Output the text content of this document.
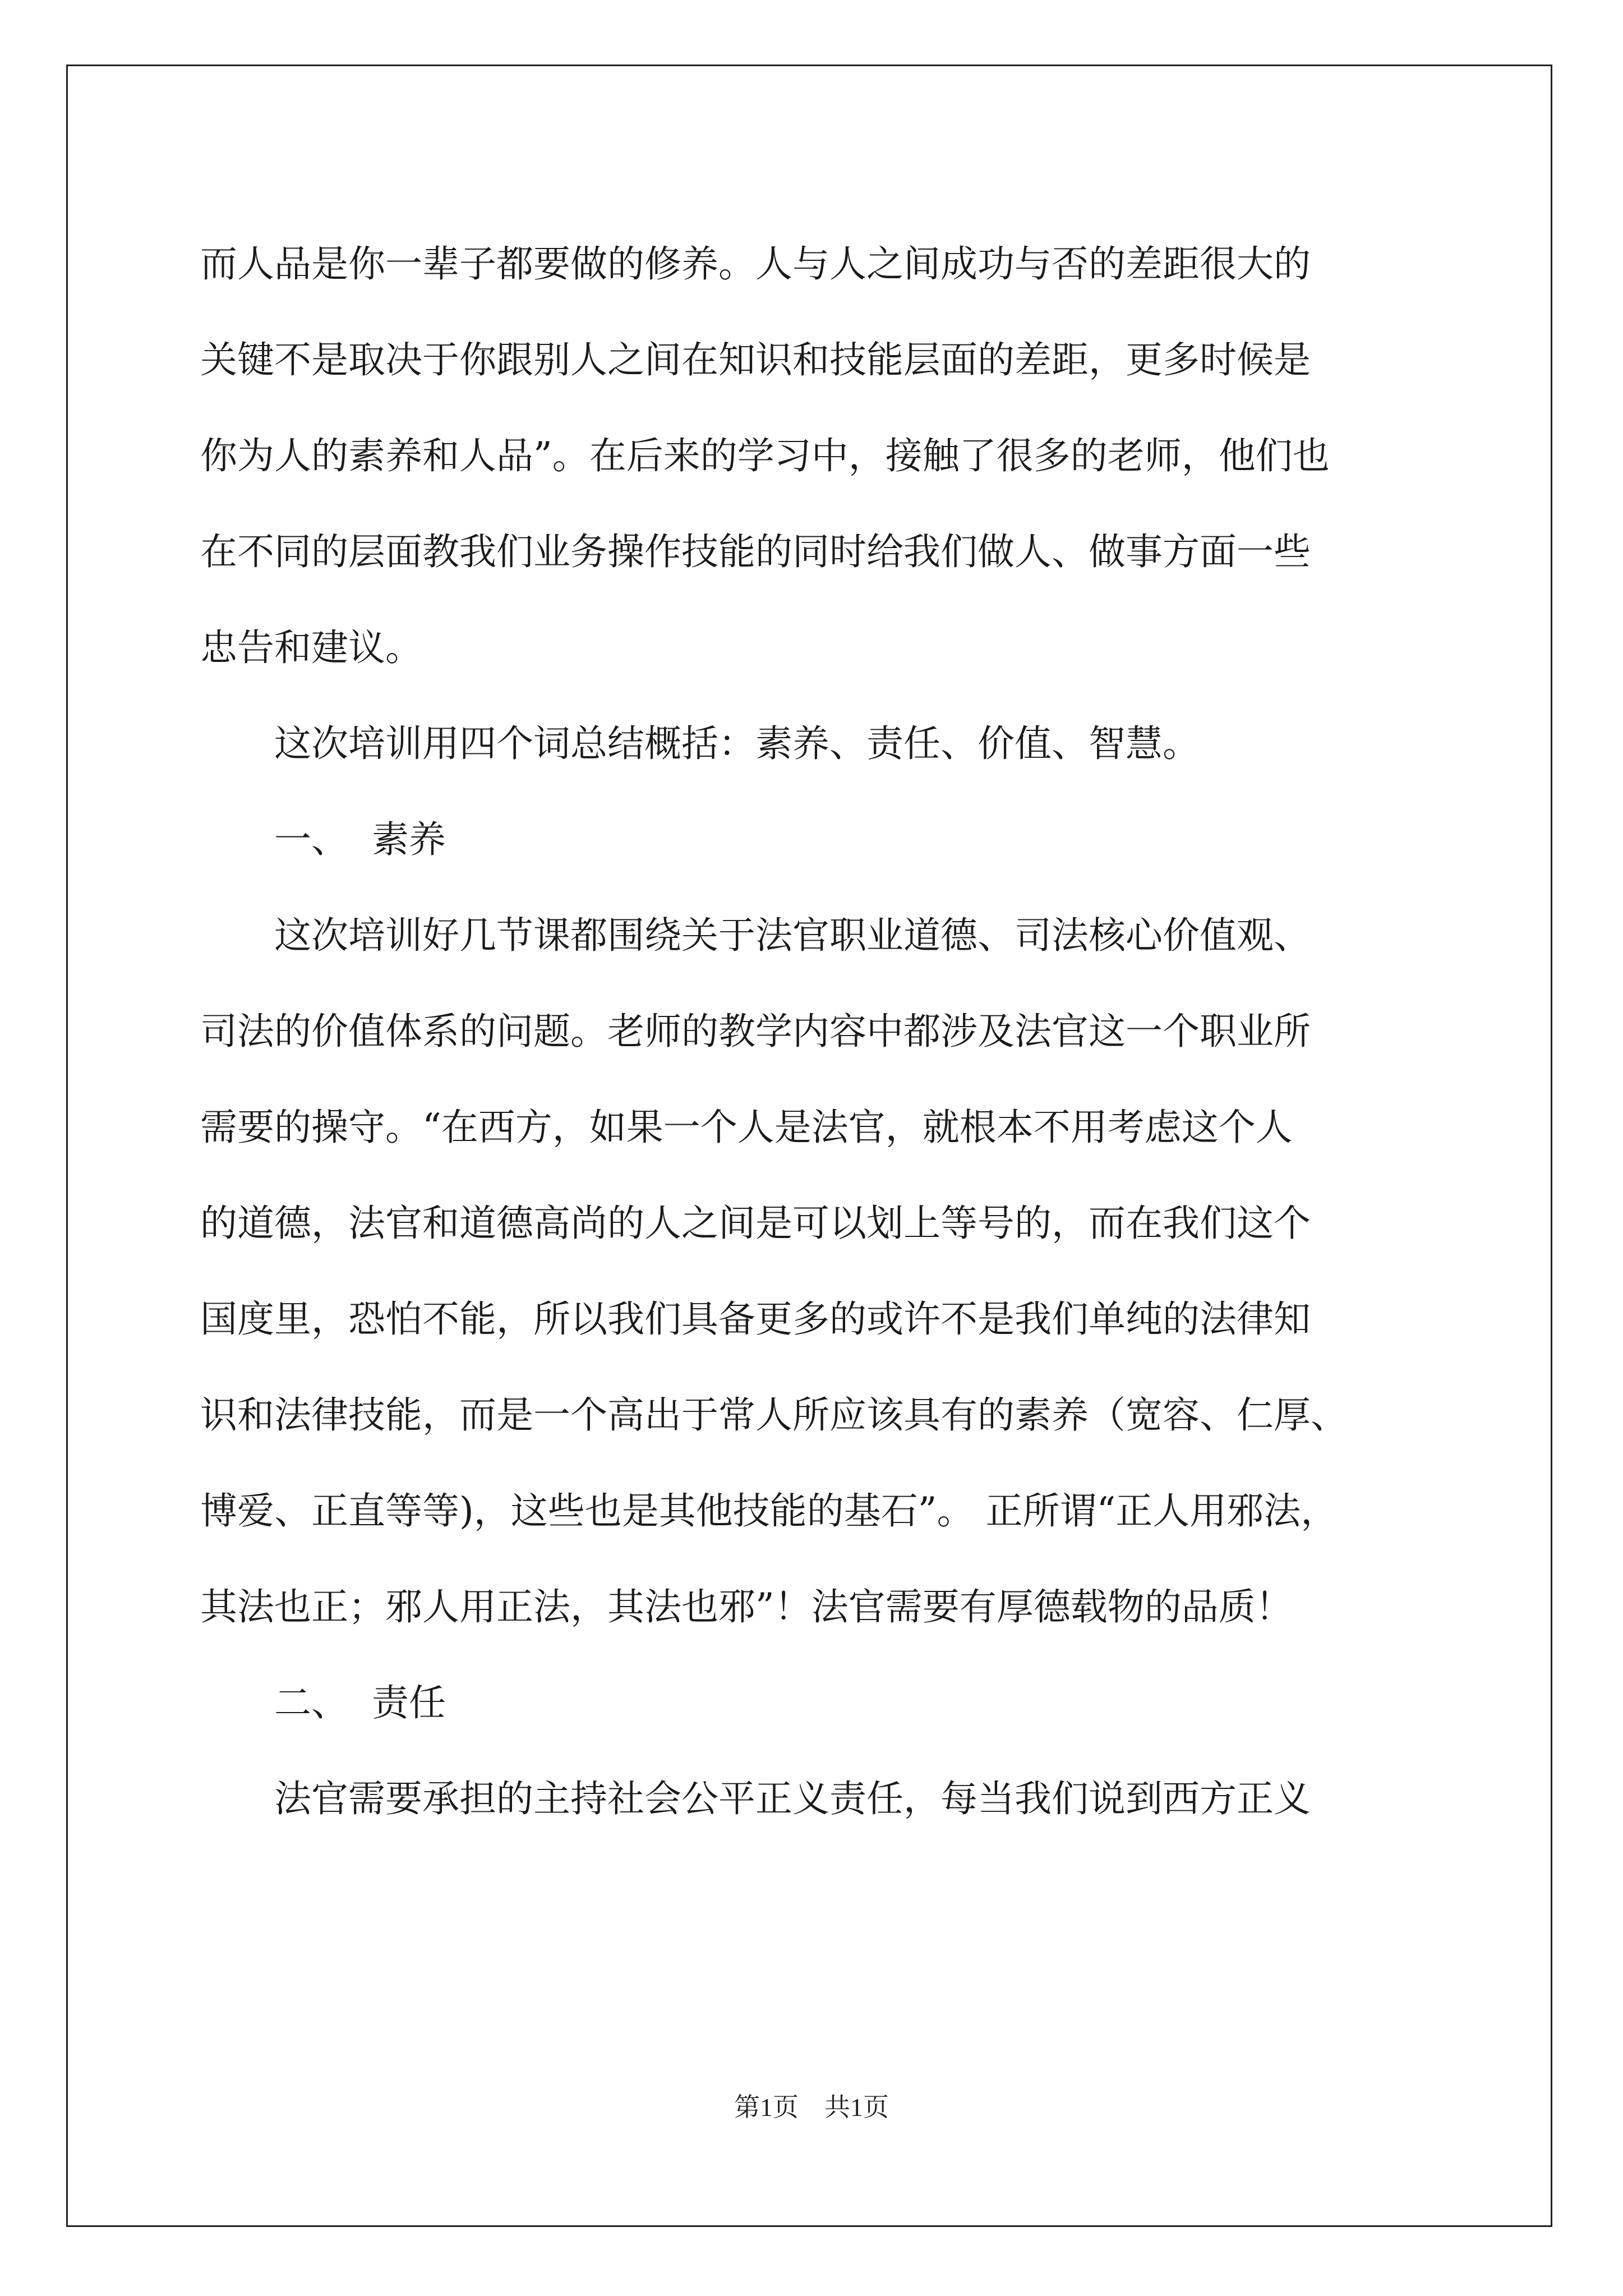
而人品是你一辈子都要做的修养。人与人之间成功与否的差距很大的
关键不是取决于你跟别人之间在知识和技能层面的差距，更多时候是
你为人的素养和人品”。在后来的学习中，接触了很多的老师，他们也
在不同的层面教我们业务操作技能的同时给我们做人、做事方面一些
忠告和建议。
这次培训用四个词总结概括：素养、责任、价值、智慧。
一、  素养
这次培训好几节课都围绕关于法官职业道德、司法核心价值观、
司法的价值体系的问题。老师的教学内容中都涉及法官这一个职业所
需要的操守。“在西方，如果一个人是法官，就根本不用考虑这个人
的道德，法官和道德高尚的人之间是可以划上等号的，而在我们这个
国度里，恐怕不能，所以我们具备更多的或许不是我们单纯的法律知
识和法律技能，而是一个高出于常人所应该具有的素养（宽容、仁厚、
博爱、正直等等)，这些也是其他技能的基石”。 正所谓“正人用邪法，
其法也正；邪人用正法，其法也邪”！法官需要有厚德载物的品质！
二、  责任
法官需要承担的主持社会公平正义责任，每当我们说到西方正义
第1页　共1页
